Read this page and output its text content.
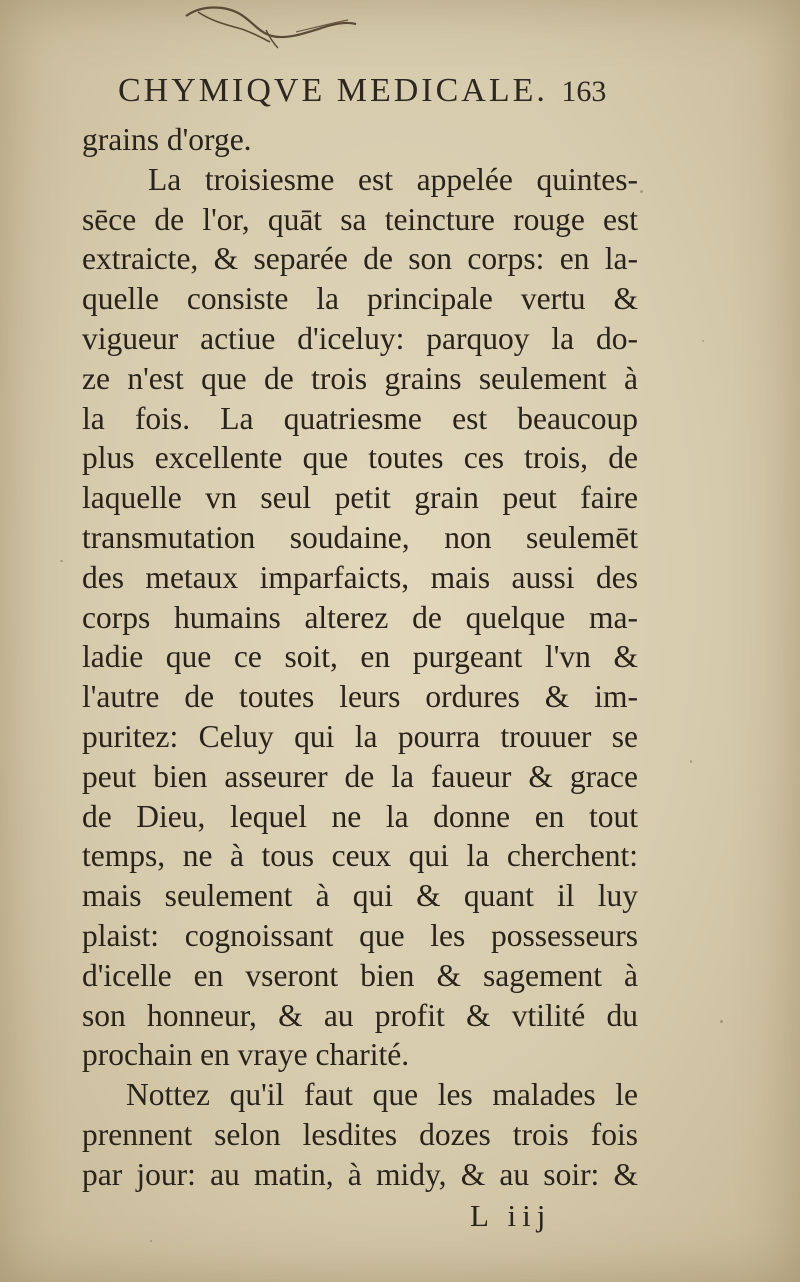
CHYMIQVE MEDICALE. 163
grains d'orge.
La troisiesme est appelée quintes-
sēce de l'or, quāt sa teincture rouge est
extraicte, & separée de son corps: en la-
quelle consiste la principale vertu &
vigueur actiue d'iceluy: parquoy la do-
ze n'est que de trois grains seulement à
la fois. La quatriesme est beaucoup
plus excellente que toutes ces trois, de
laquelle vn seul petit grain peut faire
transmutation soudaine, non seulemēt
des metaux imparfaicts, mais aussi des
corps humains alterez de quelque ma-
ladie que ce soit, en purgeant l'vn &
l'autre de toutes leurs ordures & im-
puritez: Celuy qui la pourra trouuer se
peut bien asseurer de la faueur & grace
de Dieu, lequel ne la donne en tout
temps, ne à tous ceux qui la cherchent:
mais seulement à qui & quant il luy
plaist: cognoissant que les possesseurs
d'icelle en vseront bien & sagement à
son honneur, & au profit & vtilité du
prochain en vraye charité.
Nottez qu'il faut que les malades le
prennent selon lesdites dozes trois fois
par jour: au matin, à midy, & au soir: &
L iij
